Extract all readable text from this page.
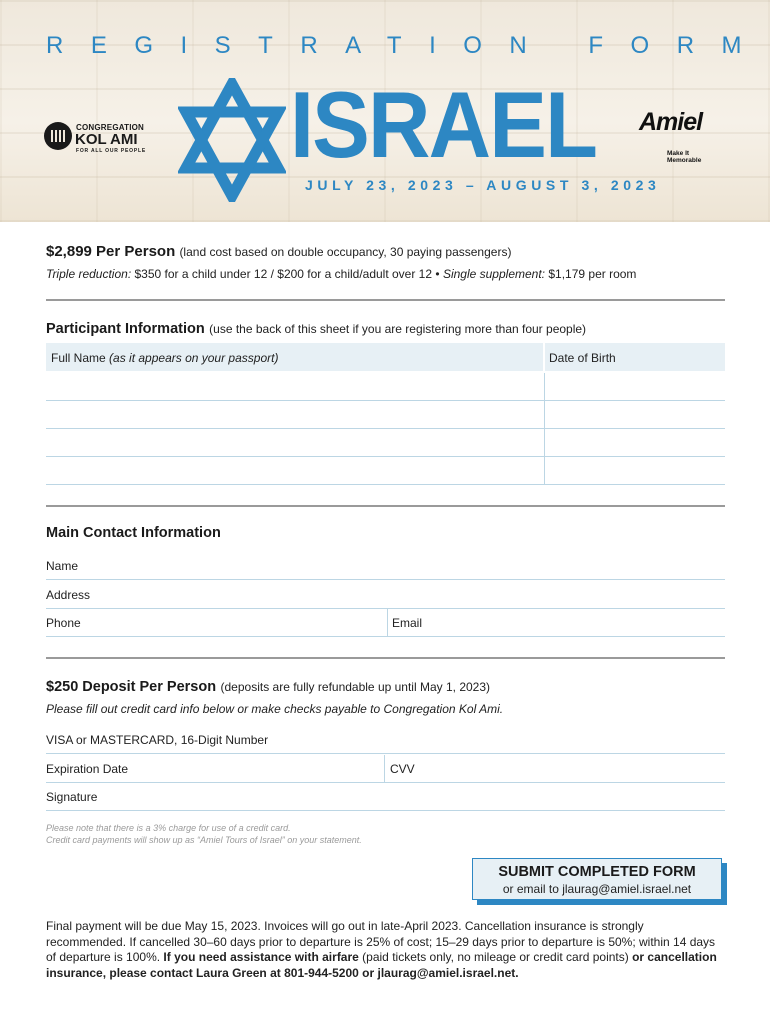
REGISTRATION FORM
ISRAEL
JULY 23, 2023 – AUGUST 3, 2023
CONGREGATION
KOL AMI
FOR ALL OUR PEOPLE
Amiel
Make It Memorable
$2,899 Per Person (land cost based on double occupancy, 30 paying passengers)
Triple reduction: $350 for a child under 12 / $200 for a child/adult over 12 • Single supplement: $1,179 per room
Participant Information (use the back of this sheet if you are registering more than four people)
Full Name (as it appears on your passport)	Date of Birth
Main Contact Information
Name
Address
Phone	Email
$250 Deposit Per Person (deposits are fully refundable up until May 1, 2023)
Please fill out credit card info below or make checks payable to Congregation Kol Ami.
VISA or MASTERCARD, 16-Digit Number
Expiration Date	CVV
Signature
Please note that there is a 3% charge for use of a credit card.
Credit card payments will show up as “Amiel Tours of Israel” on your statement.
SUBMIT COMPLETED FORM
or email to jlaurag@amiel.israel.net
Final payment will be due May 15, 2023. Invoices will go out in late-April 2023. Cancellation insurance is strongly recommended. If cancelled 30–60 days prior to departure is 25% of cost; 15–29 days prior to departure is 50%; within 14 days of departure is 100%. If you need assistance with airfare (paid tickets only, no mileage or credit card points) or cancellation insurance, please contact Laura Green at 801-944-5200 or jlaurag@amiel.israel.net.
